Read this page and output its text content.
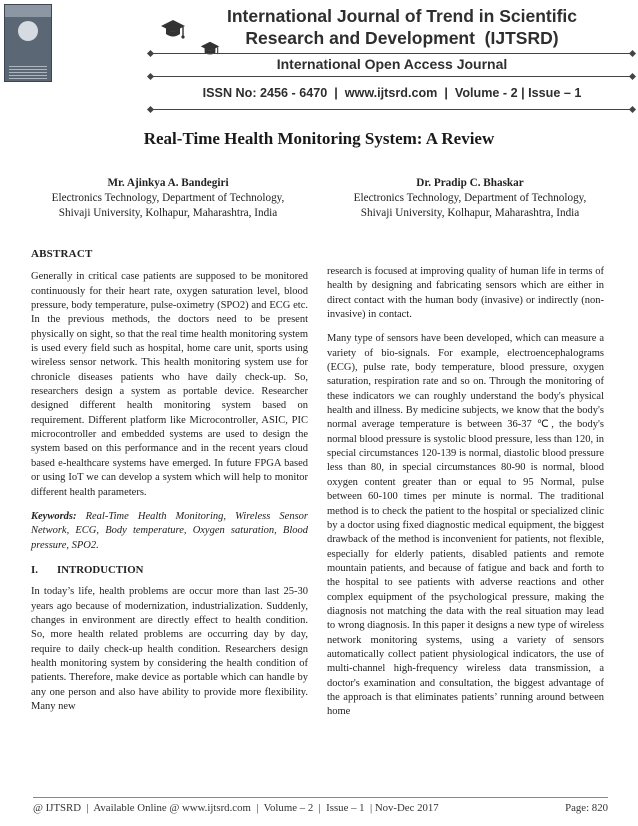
International Journal of Trend in Scientific
Research and Development  (IJTSRD)
International Open Access Journal
ISSN No: 2456 - 6470  |  www.ijtsrd.com  |  Volume - 2 | Issue – 1
Real-Time Health Monitoring System: A Review
Mr. Ajinkya A. Bandegiri
Electronics Technology, Department of Technology,
Shivaji University, Kolhapur, Maharashtra, India
Dr. Pradip C. Bhaskar
Electronics Technology, Department of Technology,
Shivaji University, Kolhapur, Maharashtra, India
ABSTRACT

Generally in critical case patients are supposed to be monitored continuously for their heart rate, oxygen saturation level, blood pressure, body temperature, pulse-oximetry (SPO2) and ECG etc. In the previous methods, the doctors need to be present physically on sight, so that the real time health monitoring system is used every field such as hospital, home care unit, sports using wireless sensor network. This health monitoring system use for chronicle diseases patients who have daily check-up. So, researchers design a system as portable device. Researcher designed different health monitoring system based on requirement. Different platform like Microcontroller, ASIC, PIC microcontroller and embedded systems are used to design the system based on this performance and in the recent years cloud based e-healthcare systems have emerged. In future FPGA based or using IoT we can develop a system which will help to monitor different health parameters.

Keywords: Real-Time Health Monitoring, Wireless Sensor Network, ECG, Body temperature, Oxygen saturation, Blood pressure, SPO2.

I. INTRODUCTION

In today’s life, health problems are occur more than last 25-30 years ago because of modernization, industrialization. Suddenly, changes in environment are directly effect to health condition. So, more health related problems are occurring day by day, require to daily check-up health condition. Researchers design health monitoring system by considering the health condition of patients. Therefore, make device as portable which can handle by any one person and also have ability to provide more flexibility. Many new

research is focused at improving quality of human life in terms of health by designing and fabricating sensors which are either in direct contact with the human body (invasive) or indirectly (non-invasive) in contact.

Many type of sensors have been developed, which can measure a variety of bio-signals. For example, electroencephalograms (ECG), pulse rate, body temperature, blood pressure, oxygen saturation, respiration rate and so on. Through the monitoring of these indicators we can roughly understand the body's physical health and illness. By medicine subjects, we know that the body's normal average temperature is between 36-37 ℃, the body's normal blood pressure is systolic blood pressure, less than 120, in special circumstances 120-139 is normal, diastolic blood pressure less than 80, in special circumstances 80-90 is normal, blood oxygen content greater than or equal to 95 Normal, pulse between 60-100 times per minute is normal. The traditional method is to check the patient to the hospital or specialized clinic by a doctor using fixed diagnostic medical equipment, the biggest drawback of the method is inconvenient for patients, not flexible, especially for elderly patients, disabled patients and remote mountain patients, and because of fatigue and back and forth to the hospital to see patients with adverse reactions and other complex equipment of the psychological pressure, making the diagnosis not matching the data with the real situation may lead to wrong diagnosis. In this paper it designs a new type of wireless network monitoring systems, using a variety of sensors automatically collect patient physiological indicators, the use of multi-channel high-frequency wireless data transmission, a doctor's examination and consultation, the biggest advantage of the approach is that eliminates patients’ running around between home

@ IJTSRD  |  Available Online @ www.ijtsrd.com  |  Volume – 2  |  Issue – 1  | Nov-Dec 2017	Page: 820
